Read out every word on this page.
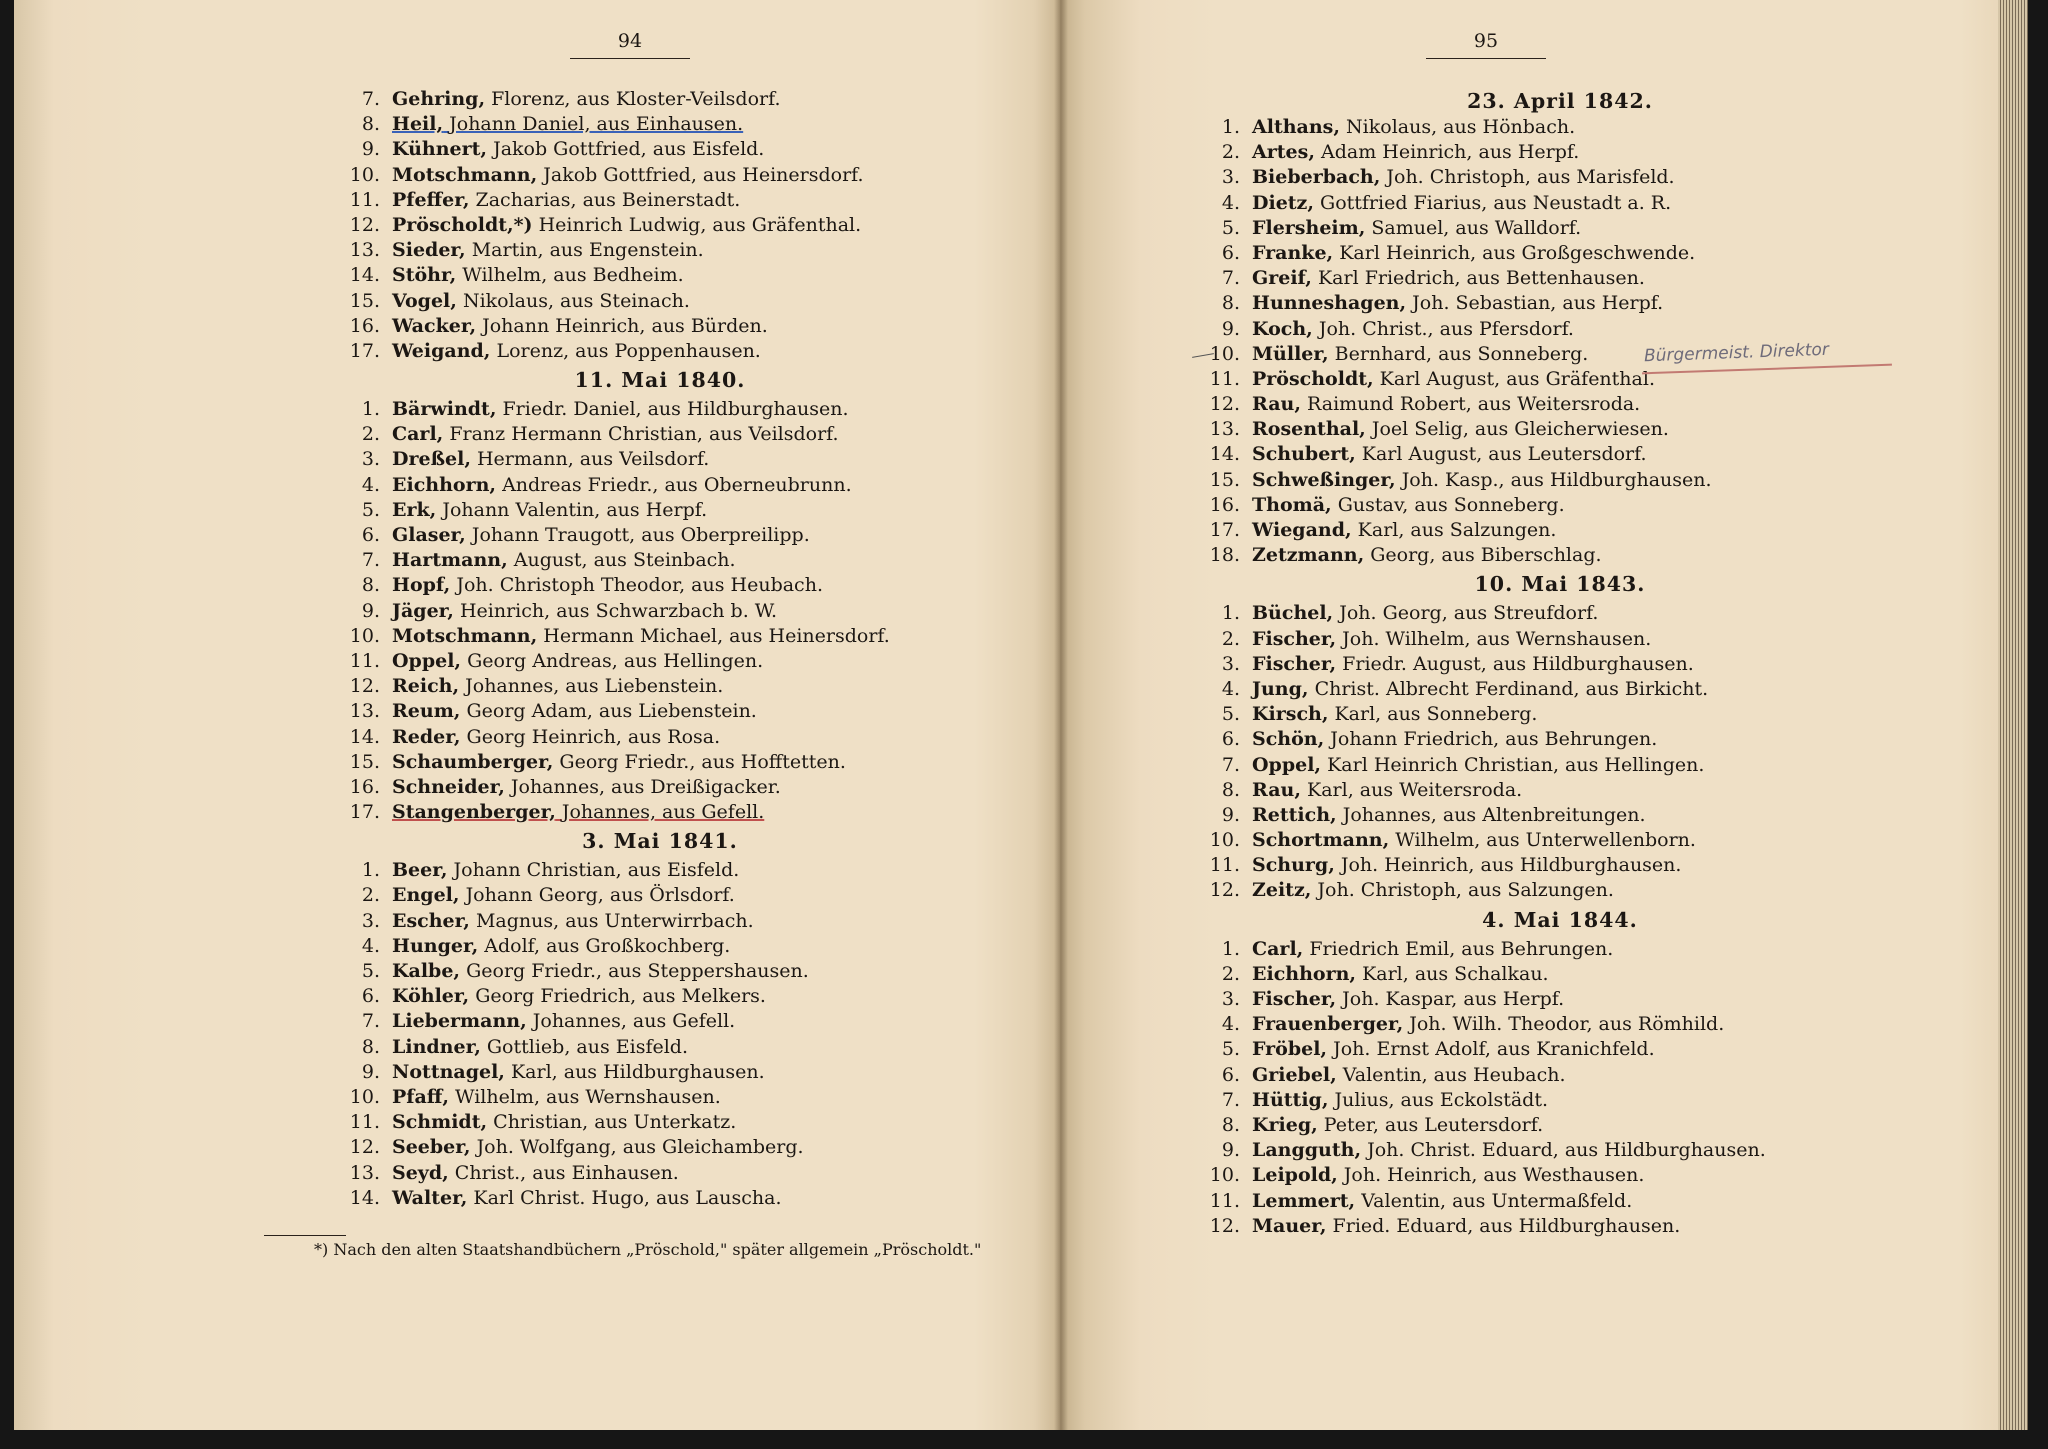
94
7. Gehring, Florenz, aus Kloster-Veilsdorf.
8. Heil, Johann Daniel, aus Einhausen.
9. Kühnert, Jakob Gottfried, aus Eisfeld.
10. Motschmann, Jakob Gottfried, aus Heinersdorf.
11. Pfeffer, Zacharias, aus Beinerstadt.
12. Pröscholdt,*) Heinrich Ludwig, aus Gräfenthal.
13. Sieder, Martin, aus Engenstein.
14. Stöhr, Wilhelm, aus Bedheim.
15. Vogel, Nikolaus, aus Steinach.
16. Wacker, Johann Heinrich, aus Bürden.
17. Weigand, Lorenz, aus Poppenhausen.
11. Mai 1840.
1. Bärwindt, Friedr. Daniel, aus Hildburghausen.
2. Carl, Franz Hermann Christian, aus Veilsdorf.
3. Dreßel, Hermann, aus Veilsdorf.
4. Eichhorn, Andreas Friedr., aus Oberneubrunn.
5. Erk, Johann Valentin, aus Herpf.
6. Glaser, Johann Traugott, aus Oberpreilipp.
7. Hartmann, August, aus Steinbach.
8. Hopf, Joh. Christoph Theodor, aus Heubach.
9. Jäger, Heinrich, aus Schwarzbach b. W.
10. Motschmann, Hermann Michael, aus Heinersdorf.
11. Oppel, Georg Andreas, aus Hellingen.
12. Reich, Johannes, aus Liebenstein.
13. Reum, Georg Adam, aus Liebenstein.
14. Reder, Georg Heinrich, aus Rosa.
15. Schaumberger, Georg Friedr., aus Hofftetten.
16. Schneider, Johannes, aus Dreißigacker.
17. Stangenberger, Johannes, aus Gefell.
3. Mai 1841.
1. Beer, Johann Christian, aus Eisfeld.
2. Engel, Johann Georg, aus Örlsdorf.
3. Escher, Magnus, aus Unterwirrbach.
4. Hunger, Adolf, aus Großkochberg.
5. Kalbe, Georg Friedr., aus Steppershausen.
6. Köhler, Georg Friedrich, aus Melkers.
7. Liebermann, Johannes, aus Gefell.
8. Lindner, Gottlieb, aus Eisfeld.
9. Nottnagel, Karl, aus Hildburghausen.
10. Pfaff, Wilhelm, aus Wernshausen.
11. Schmidt, Christian, aus Unterkatz.
12. Seeber, Joh. Wolfgang, aus Gleichamberg.
13. Seyd, Christ., aus Einhausen.
14. Walter, Karl Christ. Hugo, aus Lauscha.
*) Nach den alten Staatshandbüchern „Pröschold," später allgemein „Pröscholdt."
95
23. April 1842.
1. Althans, Nikolaus, aus Hönbach.
2. Artes, Adam Heinrich, aus Herpf.
3. Bieberbach, Joh. Christoph, aus Marisfeld.
4. Dietz, Gottfried Fiarius, aus Neustadt a. R.
5. Flersheim, Samuel, aus Walldorf.
6. Franke, Karl Heinrich, aus Großgeschwende.
7. Greif, Karl Friedrich, aus Bettenhausen.
8. Hunneshagen, Joh. Sebastian, aus Herpf.
9. Koch, Joh. Christ., aus Pfersdorf.
10. Müller, Bernhard, aus Sonneberg.
11. Pröscholdt, Karl August, aus Gräfenthal.
12. Rau, Raimund Robert, aus Weitersroda.
13. Rosenthal, Joel Selig, aus Gleicherwiesen.
14. Schubert, Karl August, aus Leutersdorf.
15. Schweßinger, Joh. Kasp., aus Hildburghausen.
16. Thomä, Gustav, aus Sonneberg.
17. Wiegand, Karl, aus Salzungen.
18. Zetzmann, Georg, aus Biberschlag.
10. Mai 1843.
1. Büchel, Joh. Georg, aus Streufdorf.
2. Fischer, Joh. Wilhelm, aus Wernshausen.
3. Fischer, Friedr. August, aus Hildburghausen.
4. Jung, Christ. Albrecht Ferdinand, aus Birkicht.
5. Kirsch, Karl, aus Sonneberg.
6. Schön, Johann Friedrich, aus Behrungen.
7. Oppel, Karl Heinrich Christian, aus Hellingen.
8. Rau, Karl, aus Weitersroda.
9. Rettich, Johannes, aus Altenbreitungen.
10. Schortmann, Wilhelm, aus Unterwellenborn.
11. Schurg, Joh. Heinrich, aus Hildburghausen.
12. Zeitz, Joh. Christoph, aus Salzungen.
4. Mai 1844.
1. Carl, Friedrich Emil, aus Behrungen.
2. Eichhorn, Karl, aus Schalkau.
3. Fischer, Joh. Kaspar, aus Herpf.
4. Frauenberger, Joh. Wilh. Theodor, aus Römhild.
5. Fröbel, Joh. Ernst Adolf, aus Kranichfeld.
6. Griebel, Valentin, aus Heubach.
7. Hüttig, Julius, aus Eckolstädt.
8. Krieg, Peter, aus Leutersdorf.
9. Langguth, Joh. Christ. Eduard, aus Hildburghausen.
10. Leipold, Joh. Heinrich, aus Westhausen.
11. Lemmert, Valentin, aus Untermaßfeld.
12. Mauer, Fried. Eduard, aus Hildburghausen.
Bürgermeist. Direktor
